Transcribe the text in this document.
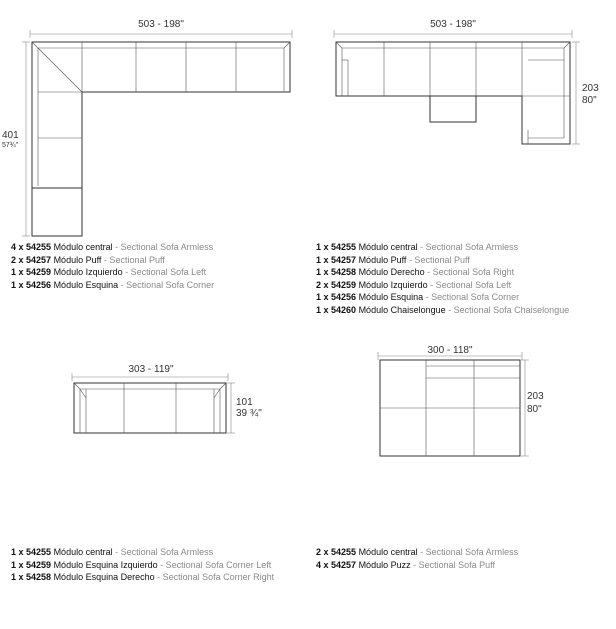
503 - 198"
401
57¾"
503 - 198"
203
80"
303 - 119"
101
39 ¾"
300 - 118"
203
80"
4 x 54255 Módulo central - Sectional Sofa Armless
2 x 54257 Módulo Puff - Sectional Puff
1 x 54259 Módulo Izquierdo - Sectional Sofa Left
1 x 54256 Módulo Esquina - Sectional Sofa Corner
1 x 54255 Módulo central - Sectional Sofa Armless
1 x 54257 Módulo Puff - Sectional Puff
1 x 54258 Módulo Derecho - Sectional Sofa Right
2 x 54259 Módulo Izquierdo - Sectional Sofa Left
1 x 54256 Módulo Esquina - Sectional Sofa Corner
1 x 54260 Módulo Chaiselongue - Sectional Sofa Chaiselongue
1 x 54255 Módulo central - Sectional Sofa Armless
1 x 54259 Módulo Esquina Izquierdo - Sectional Sofa Corner Left
1 x 54258 Módulo Esquina Derecho - Sectional Sofa Corner Right
2 x 54255 Módulo central - Sectional Sofa Armless
4 x 54257 Módulo Puzz - Sectional Sofa Puff
